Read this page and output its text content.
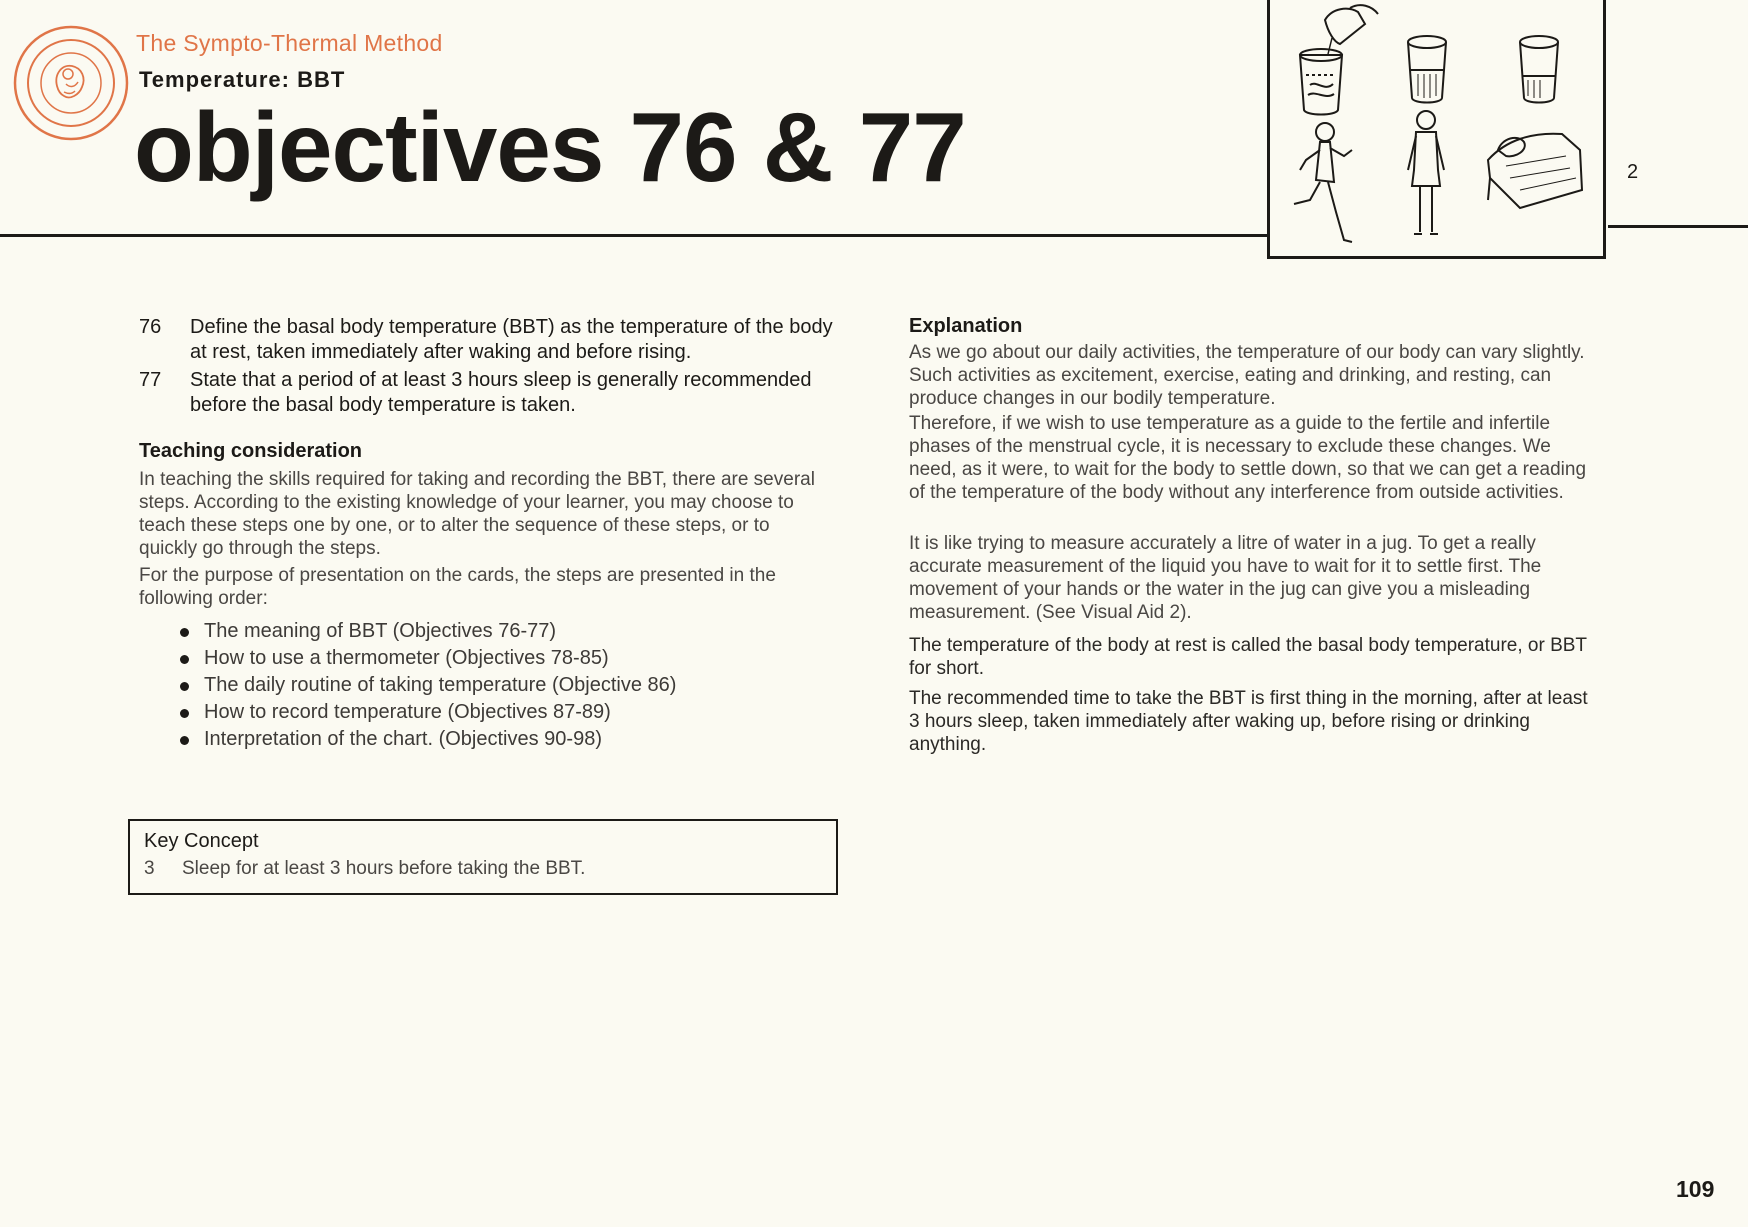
The Sympto-Thermal Method
Temperature: BBT
objectives 76 & 77	2
76 Define the basal body temperature (BBT) as the temperature of the body at rest, taken immediately after waking and before rising.
77 State that a period of at least 3 hours sleep is generally recommended before the basal body temperature is taken.
Teaching consideration
In teaching the skills required for taking and recording the BBT, there are several steps. According to the existing knowledge of your learner, you may choose to teach these steps one by one, or to alter the sequence of these steps, or to quickly go through the steps.
For the purpose of presentation on the cards, the steps are presented in the following order:
The meaning of BBT (Objectives 76-77)
How to use a thermometer (Objectives 78-85)
The daily routine of taking temperature (Objective 86)
How to record temperature (Objectives 87-89)
Interpretation of the chart. (Objectives 90-98)
Key Concept
3 Sleep for at least 3 hours before taking the BBT.
Explanation
As we go about our daily activities, the temperature of our body can vary slightly. Such activities as excitement, exercise, eating and drinking, and resting, can produce changes in our bodily temperature.
Therefore, if we wish to use temperature as a guide to the fertile and infertile phases of the menstrual cycle, it is necessary to exclude these changes. We need, as it were, to wait for the body to settle down, so that we can get a reading of the temperature of the body without any interference from outside activities.
It is like trying to measure accurately a litre of water in a jug. To get a really accurate measurement of the liquid you have to wait for it to settle first. The movement of your hands or the water in the jug can give you a misleading measurement. (See Visual Aid 2).
The temperature of the body at rest is called the basal body temperature, or BBT for short.
The recommended time to take the BBT is first thing in the morning, after at least 3 hours sleep, taken immediately after waking up, before rising or drinking anything.
109
